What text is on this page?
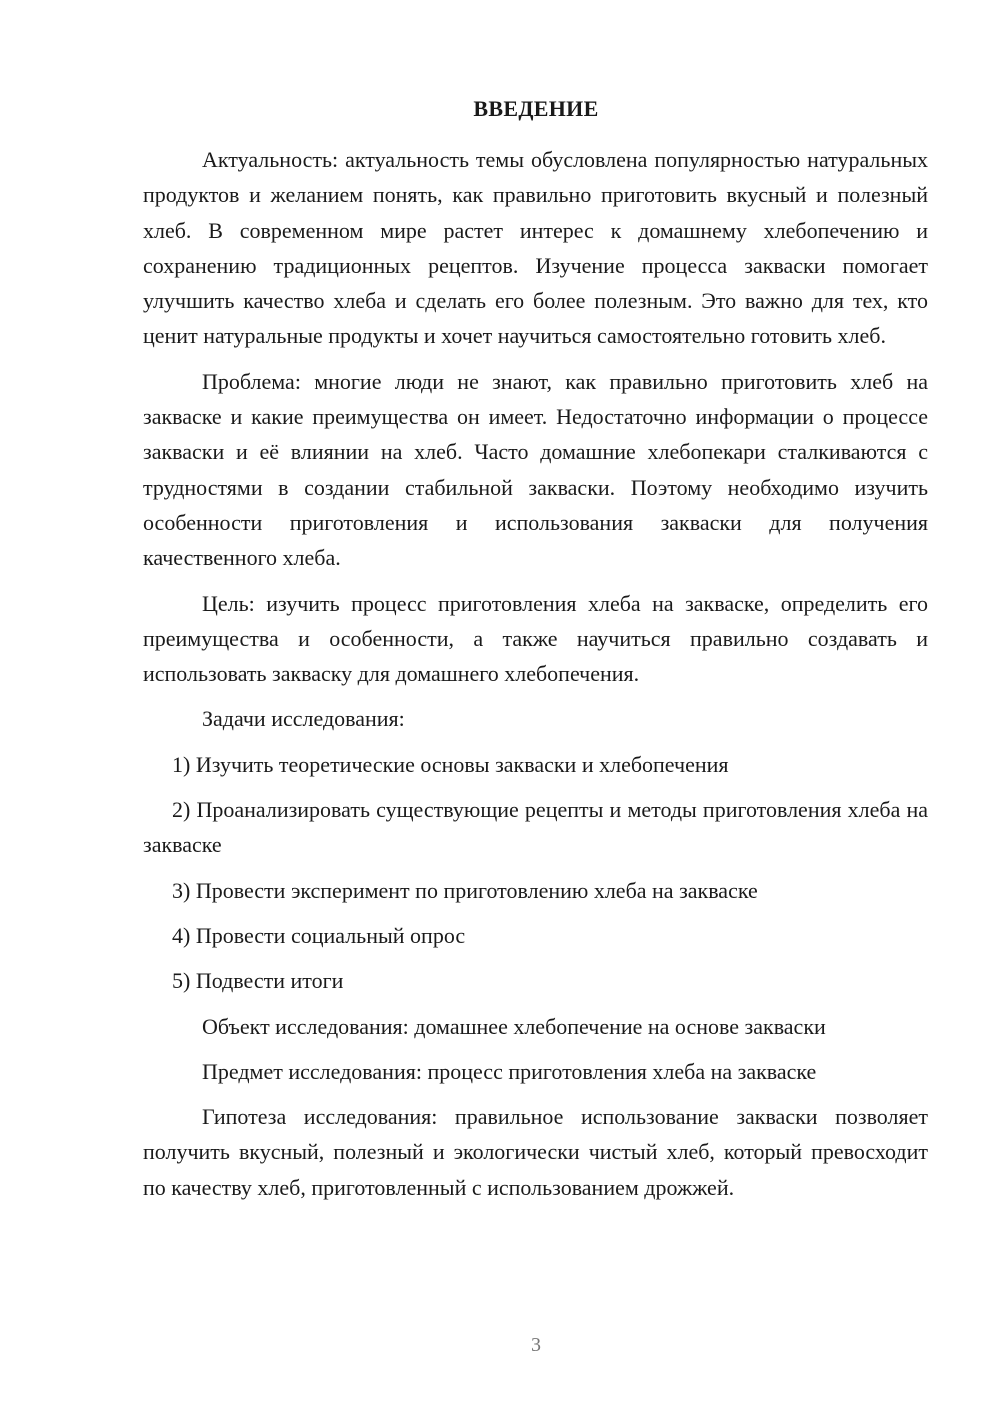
ВВЕДЕНИЕ

Актуальность: актуальность темы обусловлена популярностью натуральных продуктов и желанием понять, как правильно приготовить вкусный и полезный хлеб. В современном мире растет интерес к домашнему хлебопечению и сохранению традиционных рецептов. Изучение процесса закваски помогает улучшить качество хлеба и сделать его более полезным. Это важно для тех, кто ценит натуральные продукты и хочет научиться самостоятельно готовить хлеб.

Проблема: многие люди не знают, как правильно приготовить хлеб на закваске и какие преимущества он имеет. Недостаточно информации о процессе закваски и её влиянии на хлеб. Часто домашние хлебопекари сталкиваются с трудностями в создании стабильной закваски. Поэтому необходимо изучить особенности приготовления и использования закваски для получения качественного хлеба.

Цель: изучить процесс приготовления хлеба на закваске, определить его преимущества и особенности, а также научиться правильно создавать и использовать закваску для домашнего хлебопечения.

Задачи исследования:

1) Изучить теоретические основы закваски и хлебопечения

2) Проанализировать существующие рецепты и методы приготовления хлеба на закваске

3) Провести эксперимент по приготовлению хлеба на закваске

4) Провести социальный опрос

5) Подвести итоги

Объект исследования: домашнее хлебопечение на основе закваски

Предмет исследования: процесс приготовления хлеба на закваске

Гипотеза исследования: правильное использование закваски позволяет получить вкусный, полезный и экологически чистый хлеб, который превосходит по качеству хлеб, приготовленный с использованием дрожжей.

3
